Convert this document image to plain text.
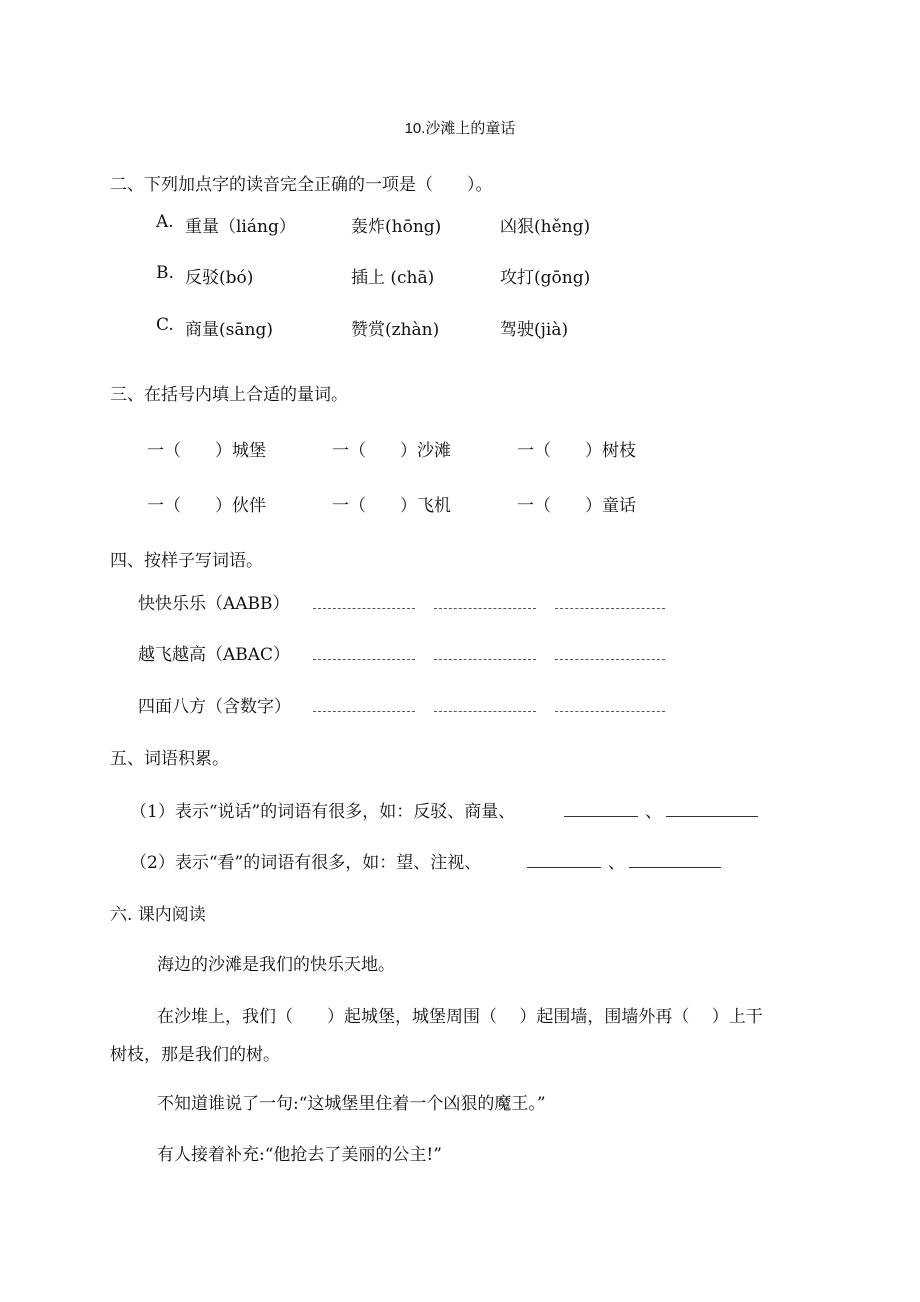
10.沙滩上的童话
二、下列加点字的读音完全正确的一项是（　　）。
A. 重量（liáng）	轰炸(hōng)	凶狠(hěng)
B. 反驳(bó)	插上 (chā)	攻打(gōng)
C. 商量(sāng)	赞赏(zhàn)	驾驶(jià)
三、在括号内填上合适的量词。
一（　　）城堡	一（　　）沙滩	一（　　）树枝
一（　　）伙伴	一（　　）飞机	一（　　）童话
四、按样子写词语。
快快乐乐（AABB）
越飞越高（ABAC）
四面八方（含数字）
五、词语积累。
（1）表示“说话”的词语有很多，如：反驳、商量、	、
（2）表示“看”的词语有很多，如：望、注视、	、
六. 课内阅读
海边的沙滩是我们的快乐天地。
在沙堆上，我们（　　）起城堡，城堡周围（　 ）起围墙，围墙外再（　 ）上干
树枝，那是我们的树。
不知道谁说了一句:“这城堡里住着一个凶狠的魔王。”
有人接着补充:“他抢去了美丽的公主!”
